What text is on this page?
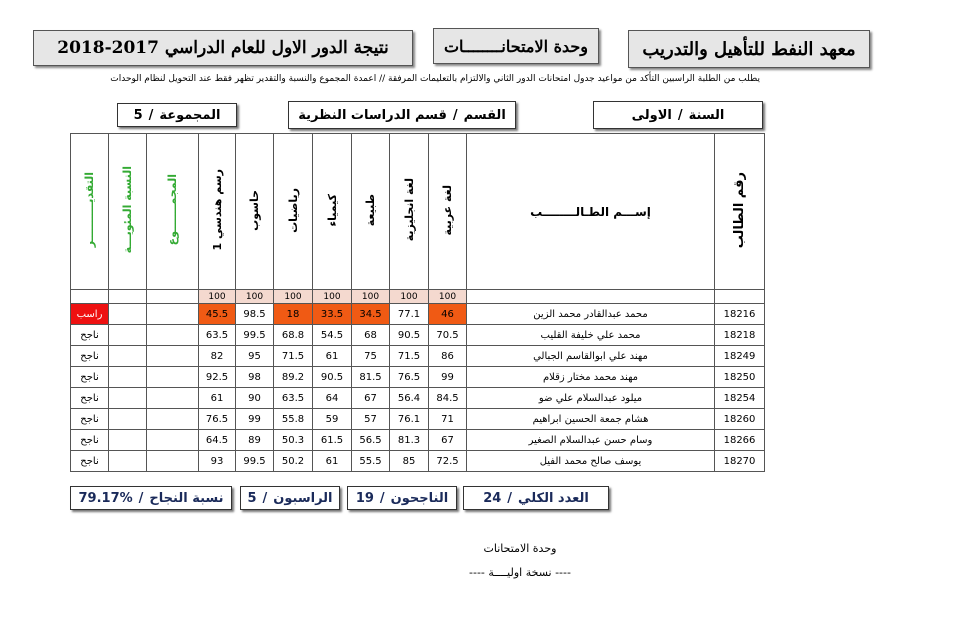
معهد النفط للتأهيل والتدريب
وحدة الامتحانــــــــات
نتيجة الدور الاول للعام الدراسي 2017-2018
يطلب من الطلبة الراسبين التأكد من مواعيد جدول امتحانات الدور الثاني والالتزام بالتعليمات المرفقة // اعمدة المجموع والنسبة والتقدير تظهر فقط عند التحويل لنظام الوحدات
السنة
/
الاولى
القسم
/
قسم الدراسات النظرية
المجموعة
/
5
التقديــــــــــر	النسبة المئويـــة	المجمـــــــوع	رسم هندسي 1	حاسوب	رياضيات	كيمياء	طبيعة	لغة انجليزية	لغة عربية	إســـم الطـالــــــــب	رقم الطالب
			100	100	100	100	100	100	100		
راسب			45.5	98.5	18	33.5	34.5	77.1	46	محمد عبدالقادر محمد الزين	18216
ناجح			63.5	99.5	68.8	54.5	68	90.5	70.5	محمد علي خليفة القليب	18218
ناجح			82	95	71.5	61	75	71.5	86	مهند علي ابوالقاسم الجبالي	18249
ناجح			92.5	98	89.2	90.5	81.5	76.5	99	مهند محمد مختار زقلام	18250
ناجح			61	90	63.5	64	67	56.4	84.5	ميلود عبدالسلام علي ضو	18254
ناجح			76.5	99	55.8	59	57	76.1	71	هشام جمعة الحسين ابراهيم	18260
ناجح			64.5	89	50.3	61.5	56.5	81.3	67	وسام حسن عبدالسلام الصغير	18266
ناجح			93	99.5	50.2	61	55.5	85	72.5	يوسف صالح محمد الفيل	18270
العدد الكلي
/
24
الناجحون
/
19
الراسبون
/
5
نسبة النجاح
/
79.17%
وحدة الامتحانات
---- نسخة اوليــــة ----
